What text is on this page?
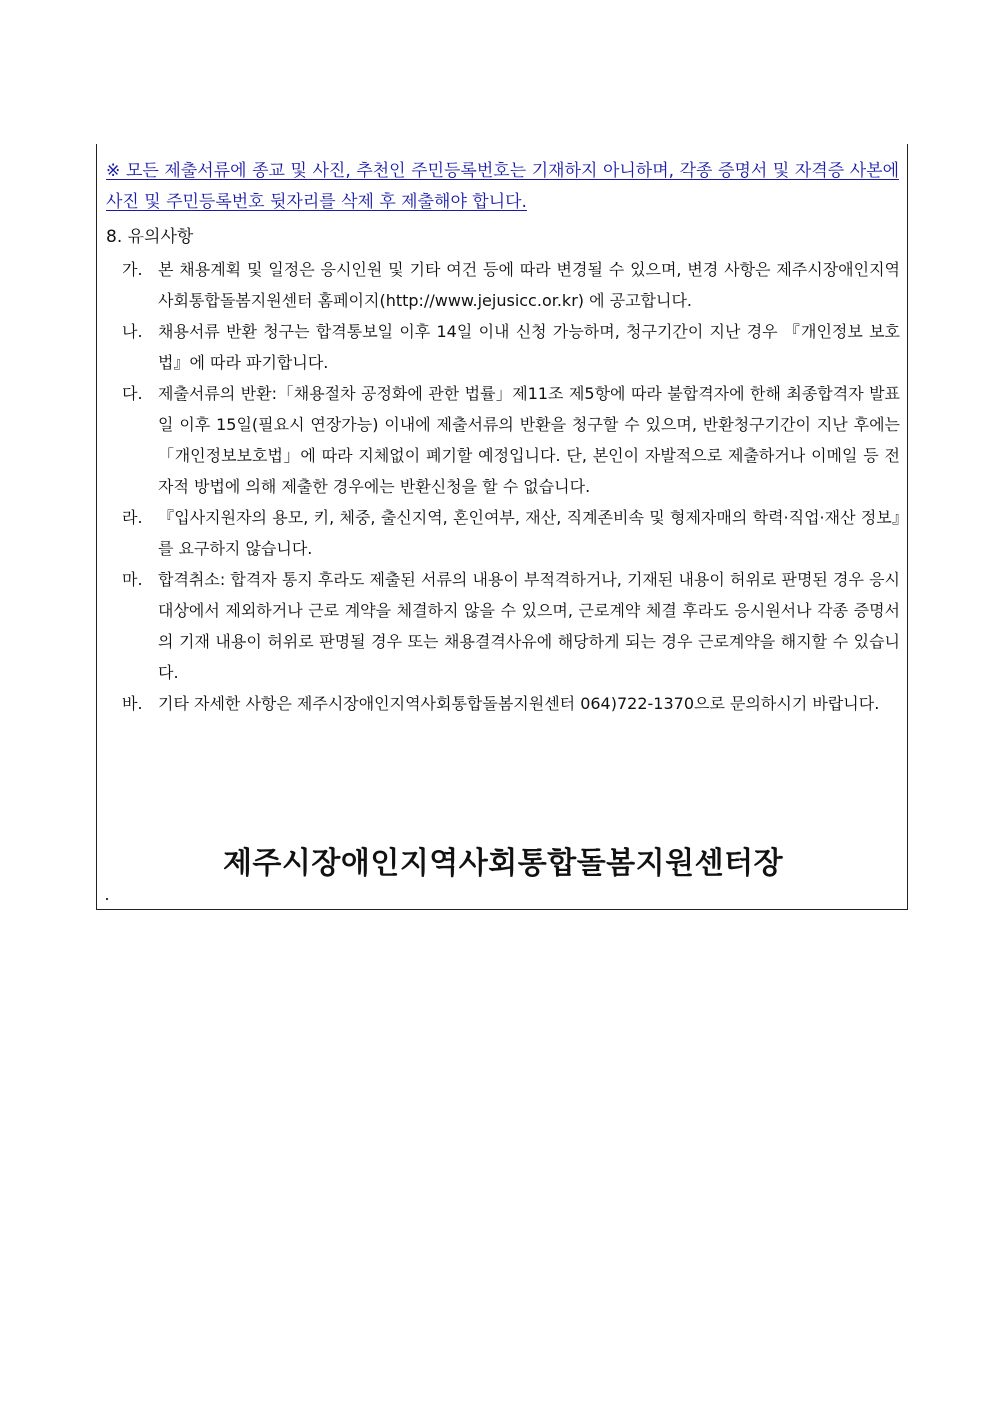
※ 모든 제출서류에 종교 및 사진, 추천인 주민등록번호는 기재하지 아니하며, 각종 증명서 및 자격증 사본에 사진 및 주민등록번호 뒷자리를 삭제 후 제출해야 합니다.

8. 유의사항

가. 본 채용계획 및 일정은 응시인원 및 기타 여건 등에 따라 변경될 수 있으며, 변경 사항은 제주시장애인지역사회통합돌봄지원센터 홈페이지(http://www.jejusicc.or.kr) 에 공고합니다.
나. 채용서류 반환 청구는 합격통보일 이후 14일 이내 신청 가능하며, 청구기간이 지난 경우 『개인정보 보호법』에 따라 파기합니다.
다. 제출서류의 반환:「채용절차 공정화에 관한 법률」제11조 제5항에 따라 불합격자에 한해 최종합격자 발표일 이후 15일(필요시 연장가능) 이내에 제출서류의 반환을 청구할 수 있으며, 반환청구기간이 지난 후에는 「개인정보보호법」에 따라 지체없이 폐기할 예정입니다. 단, 본인이 자발적으로 제출하거나 이메일 등 전자적 방법에 의해 제출한 경우에는 반환신청을 할 수 없습니다.
라. 『입사지원자의 용모, 키, 체중, 출신지역, 혼인여부, 재산, 직계존비속 및 형제자매의 학력·직업·재산 정보』를 요구하지 않습니다.
마. 합격취소: 합격자 통지 후라도 제출된 서류의 내용이 부적격하거나, 기재된 내용이 허위로 판명된 경우 응시대상에서 제외하거나 근로 계약을 체결하지 않을 수 있으며, 근로계약 체결 후라도 응시원서나 각종 증명서의 기재 내용이 허위로 판명될 경우 또는 채용결격사유에 해당하게 되는 경우 근로계약을 해지할 수 있습니다.
바. 기타 자세한 사항은 제주시장애인지역사회통합돌봄지원센터 064)722-1370으로 문의하시기 바랍니다.
제주시장애인지역사회통합돌봄지원센터장
